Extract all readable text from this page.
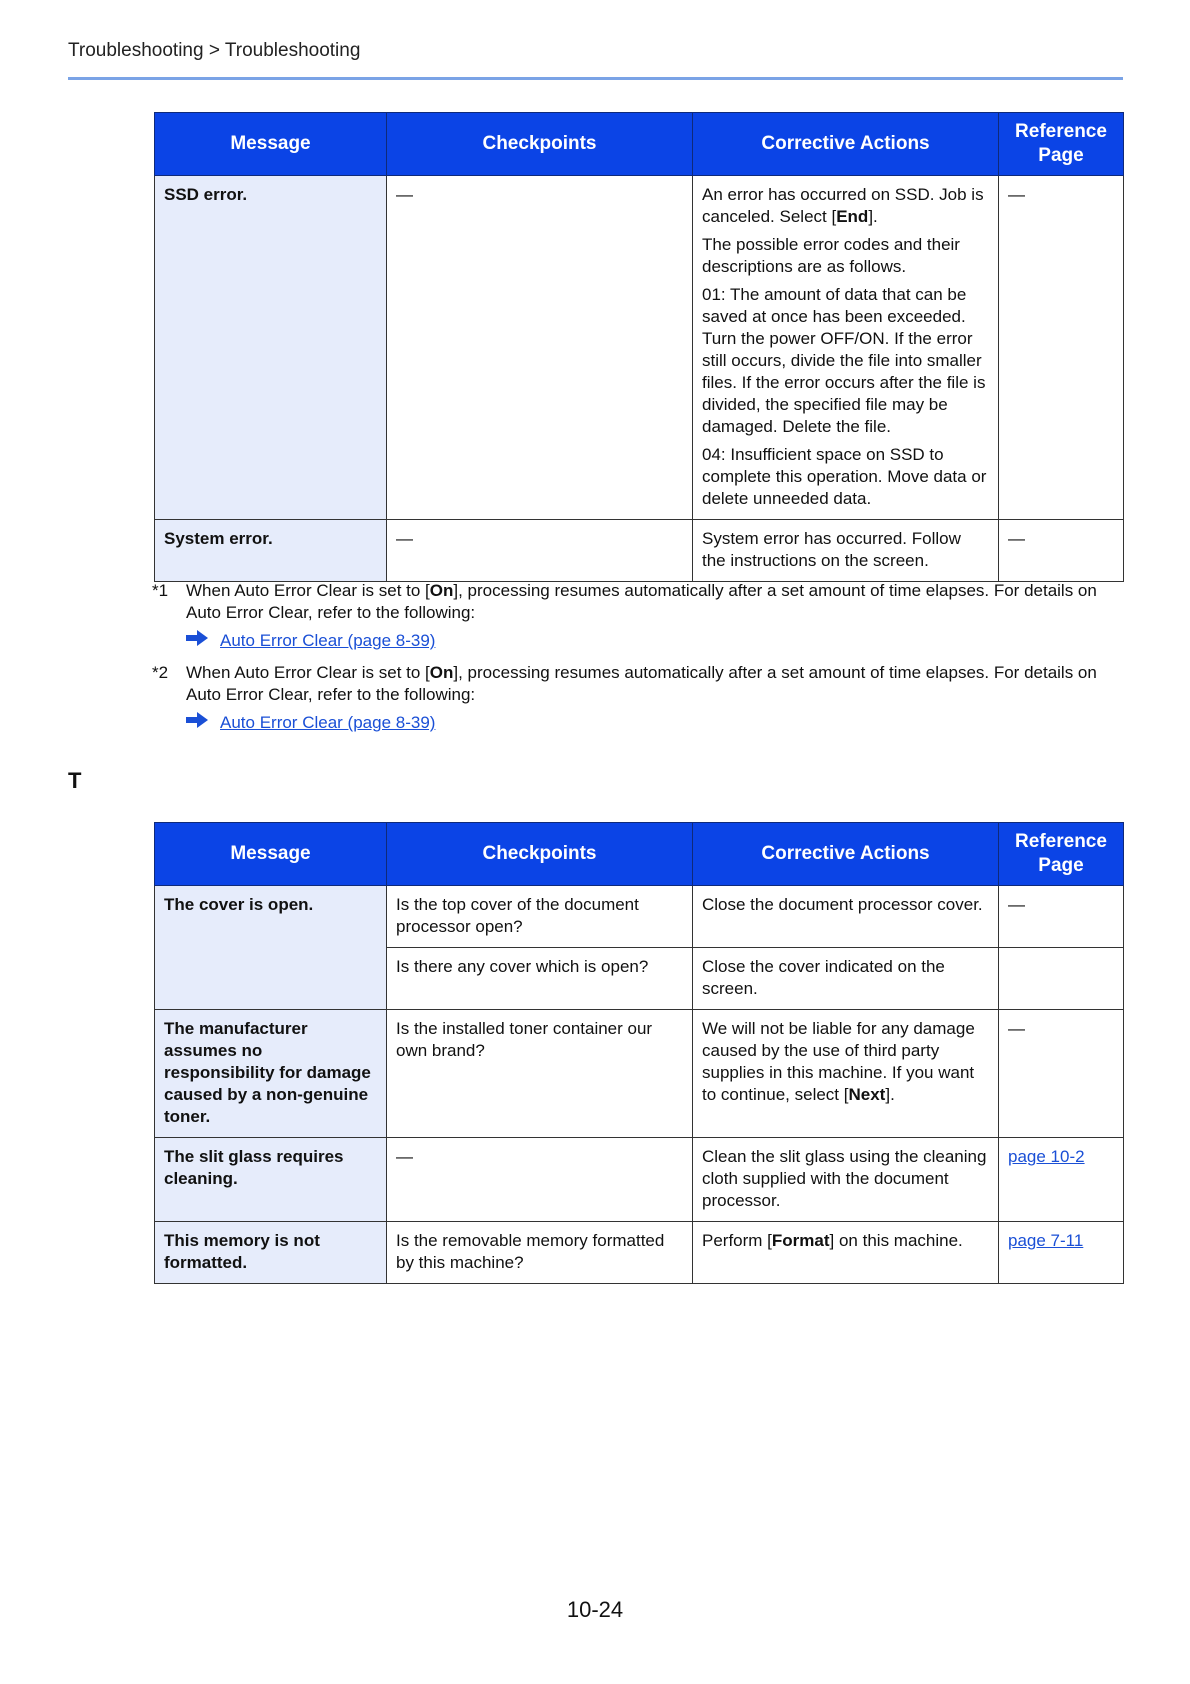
Troubleshooting > Troubleshooting
Message	Checkpoints	Corrective Actions	Reference Page
SSD error.	—	An error has occurred on SSD. Job is canceled. Select [End].

The possible error codes and their descriptions are as follows.

01: The amount of data that can be saved at once has been exceeded. Turn the power OFF/ON. If the error still occurs, divide the file into smaller files. If the error occurs after the file is divided, the specified file may be damaged. Delete the file.

04: Insufficient space on SSD to complete this operation. Move data or delete unneeded data.	—
System error.	—	System error has occurred. Follow the instructions on the screen.	—
*1 When Auto Error Clear is set to [On], processing resumes automatically after a set amount of time elapses. For details on Auto Error Clear, refer to the following:
Auto Error Clear (page 8-39)
*2 When Auto Error Clear is set to [On], processing resumes automatically after a set amount of time elapses. For details on Auto Error Clear, refer to the following:
Auto Error Clear (page 8-39)
T
Message	Checkpoints	Corrective Actions	Reference Page
The cover is open.	Is the top cover of the document processor open?	Close the document processor cover.	—
	Is there any cover which is open?	Close the cover indicated on the screen.	
The manufacturer assumes no responsibility for damage caused by a non-genuine toner.	Is the installed toner container our own brand?	We will not be liable for any damage caused by the use of third party supplies in this machine. If you want to continue, select [Next].	—
The slit glass requires cleaning.	—	Clean the slit glass using the cleaning cloth supplied with the document processor.	page 10-2
This memory is not formatted.	Is the removable memory formatted by this machine?	Perform [Format] on this machine.	page 7-11
10-24
